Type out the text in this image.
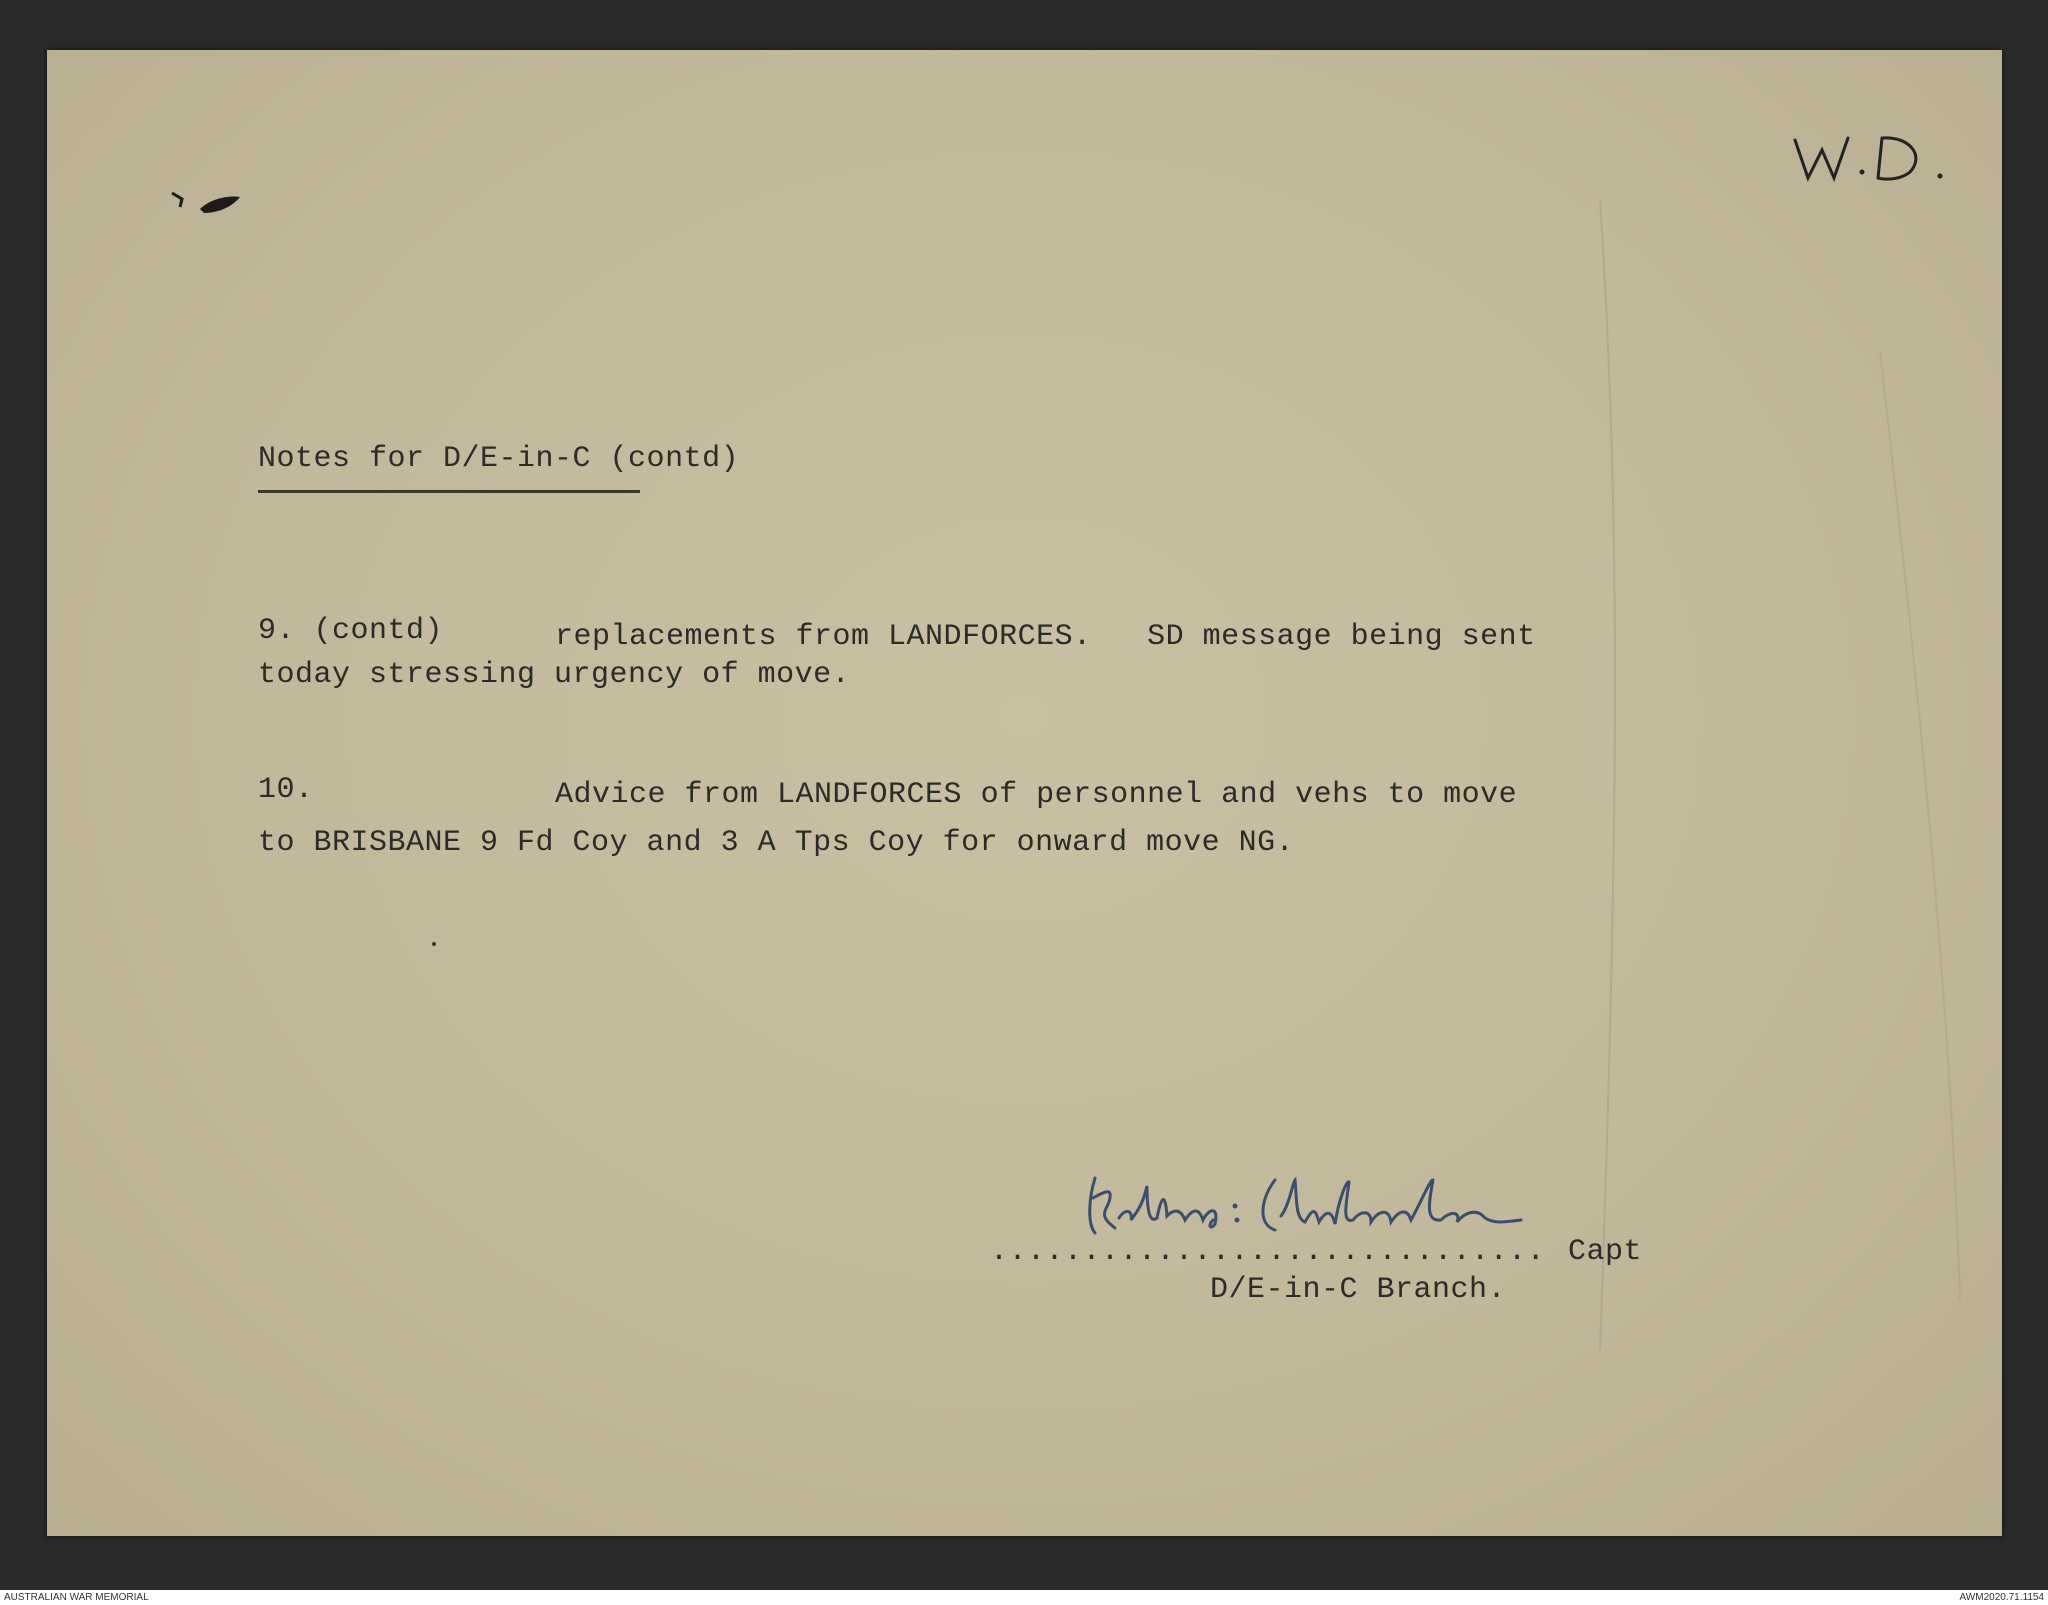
Notes for D/E-in-C (contd)
9. (contd)	replacements from LANDFORCES.   SD message being sent
today stressing urgency of move.
10.	Advice from LANDFORCES of personnel and vehs to move
to BRISBANE 9 Fd Coy and 3 A Tps Coy for onward move NG.
.............................. Capt
D/E-in-C Branch.
AUSTRALIAN WAR MEMORIAL	AWM2020.71.1154
